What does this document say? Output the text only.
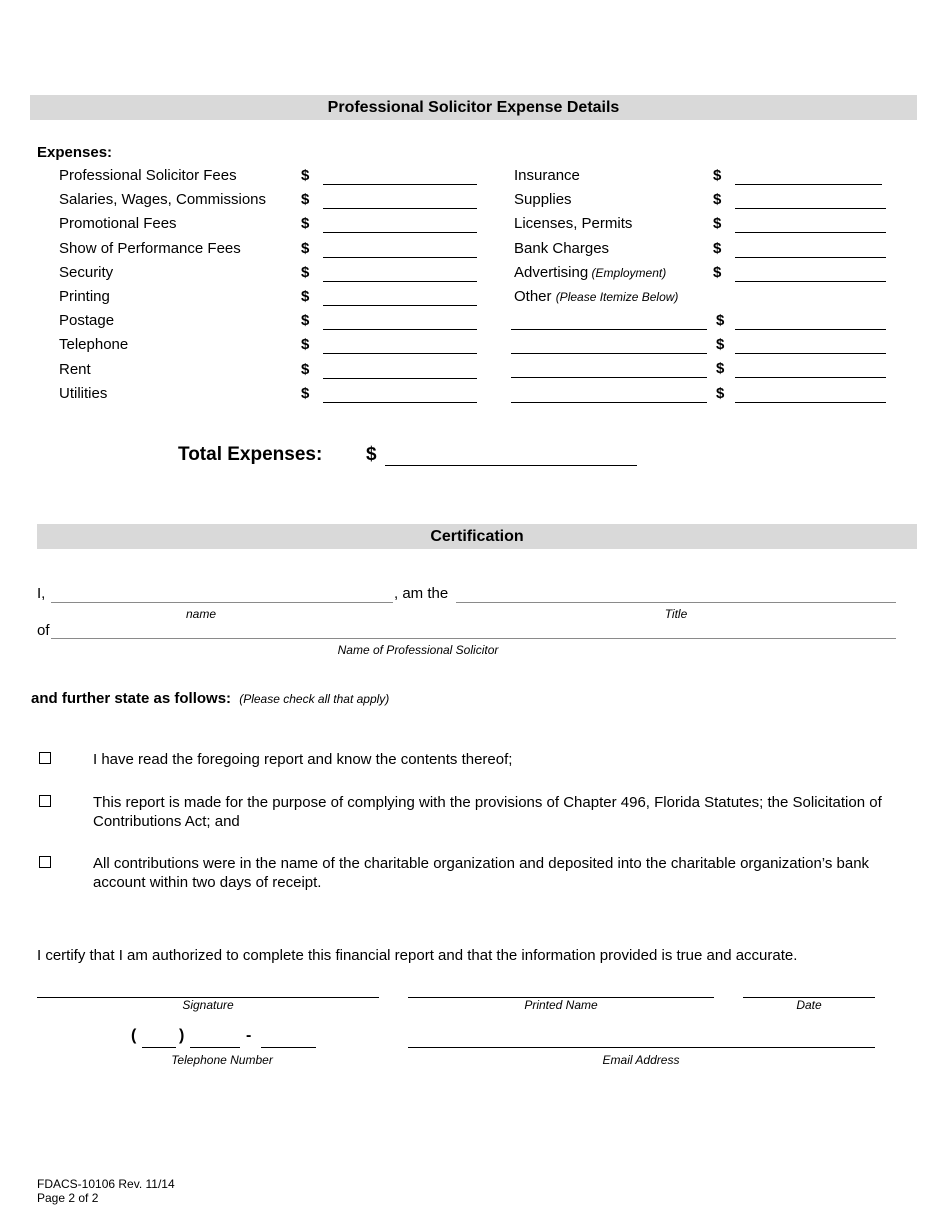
Professional Solicitor Expense Details
Expenses:
Professional Solicitor Fees	$
Salaries, Wages, Commissions $
Promotional Fees	$
Show of Performance Fees	$
Security	$
Printing	$
Postage	$
Telephone	$
Rent	$
Utilities	$
Insurance	$
Supplies	$
Licenses, Permits	$
Bank Charges	$
Advertising (Employment)	$
Other (Please Itemize Below)
$
$
$
$
Total Expenses: $
Certification
I,	, am the
name	Title
of
Name of Professional Solicitor
and further state as follows: (Please check all that apply)
I have read the foregoing report and know the contents thereof;
This report is made for the purpose of complying with the provisions of Chapter 496, Florida Statutes; the Solicitation of Contributions Act; and
All contributions were in the name of the charitable organization and deposited into the charitable organization’s bank account within two days of receipt.
I certify that I am authorized to complete this financial report and that the information provided is true and accurate.
Signature	Printed Name	Date
(	)	-
Telephone Number	Email Address
FDACS-10106 Rev. 11/14
Page 2 of 2
